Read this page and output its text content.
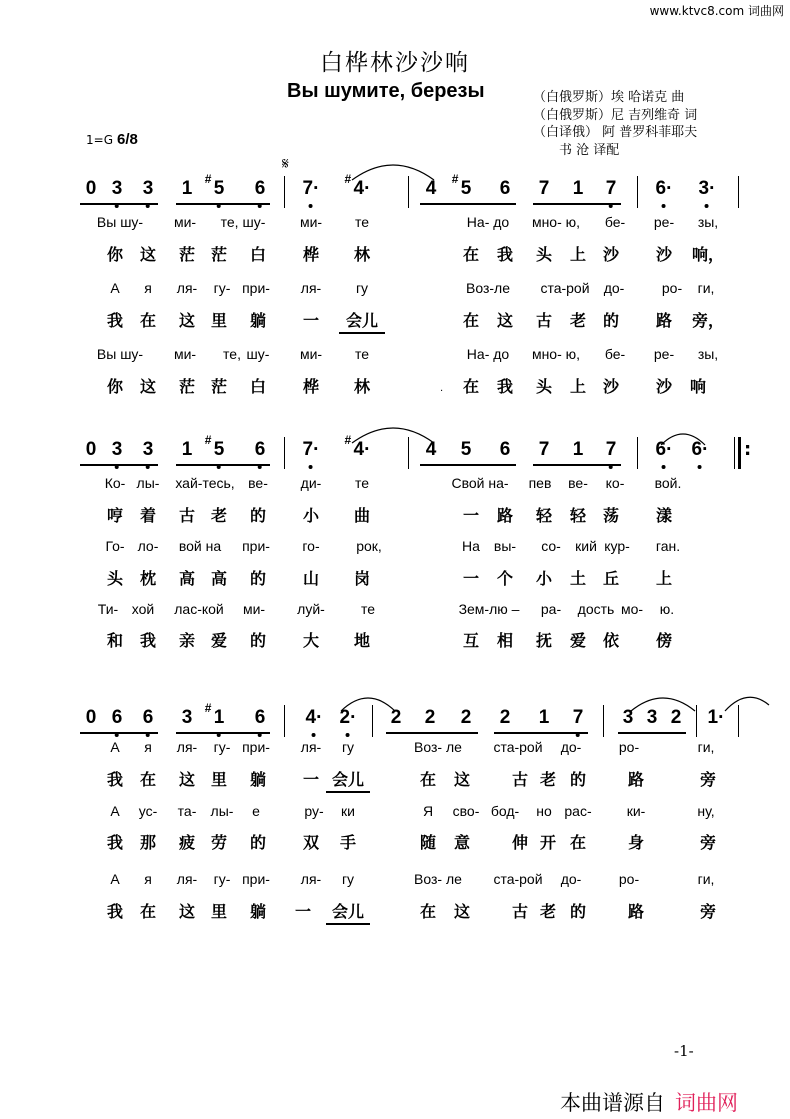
www.ktvc8.com 词曲网
白桦林沙沙响
Вы шумите, березы	（白俄罗斯）埃 哈诺克 曲
（白俄罗斯）尼 吉列维奇 词
（白译俄） 阿 普罗科菲耶夫
书 沧 译配
1=G 6/8
𝄋
0 3 3 1 5
# 6 7· 4·
#	4 5
# 6 7 1 7 6· 3·
:
0 3 3 1 5
# 6 7· 4·
#	4 5 6 7 1 7 6· 6·
0 6 6 3 1
# 6 4· 2· 2 2 2 2 1 7 3 3 2 1·
·
Вы шу- ми- те, шу- ми- те	На- до мно- ю, бе- ре- зы,
你 这 茫 茫 白 桦 林	在 我 头 上 沙 沙 响，
А я ля- гу- при- ля- гу	Воз-ле ста-рой до-	ро- ги,
我 在 这 里 躺 一 会儿	在 这 古 老 的 路 旁，
Вы шу- ми- те, шу- ми- те	На- до мно- ю, бе- ре- зы,
你 这 茫 茫 白 桦 林	在 我 头 上 沙 沙 响
Ко- лы- хай-тесь, ве- ди- те	Свой на- пев ве- ко- вой.
哼 着 古 老 的 小 曲	一 路 轻 轻 荡 漾
Го- ло- вой на при- го-	рок,	На вы- со- кий кур- ган.
头 枕 高 高 的 山 岗	一 个 小 土 丘 上
Ти- хой лас-кой ми- луй-	те	Зем-лю – ра- дость мо- ю.
和 我 亲 爱 的 大 地	互 相 抚 爱 依 傍
А я ля- гу- при- ля- гу	Воз- ле ста-рой до-	ро-	ги,
我 在 这 里 躺 一 会儿	在 这	古 老 的	路	旁
А ус- та- лы- е	ру- ки	Я сво- бод- но рас-	ки-	ну,
我 那 疲 劳 的 双 手	随 意	伸 开 在	身	旁
А я ля- гу- при- ля- гу	Воз- ле ста-рой до-	ро-	ги,
我 在 这 里 躺 一 会儿	在 这	古 老 的	路	旁
-1-
本曲谱源自 词曲网
